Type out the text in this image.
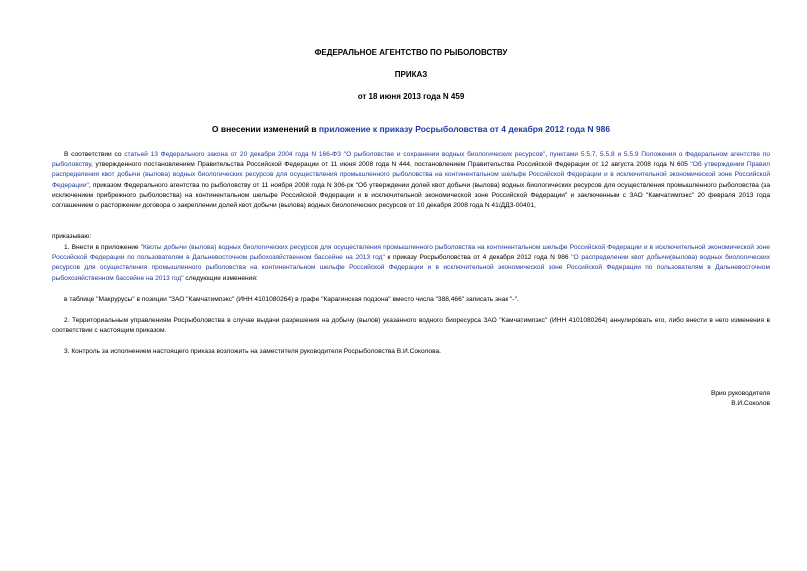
ФЕДЕРАЛЬНОЕ АГЕНТСТВО ПО РЫБОЛОВСТВУ
ПРИКАЗ
от 18 июня 2013 года N 459
О внесении изменений в приложение к приказу Росрыболовства от 4 декабря 2012 года N 986
В соответствии со статьей 13 Федерального закона от 20 декабря 2004 года N 166-ФЗ "О рыболовстве и сохранении водных биологических ресурсов", пунктами 5.5.7, 5.5.8 и 5.5.9 Положения о Федеральном агентстве по рыболовству, утвержденного постановлением Правительства Российской Федерации от 11 июня 2008 года N 444, постановлением Правительства Российской Федерации от 12 августа 2008 года N 605 "Об утверждении Правил распределения квот добычи (вылова) водных биологических ресурсов для осуществления промышленного рыболовства на континентальном шельфе Российской Федерации и в исключительной экономической зоне Российской Федерации", приказом Федерального агентства по рыболовству от 11 ноября 2008 года N 306-рк "Об утверждении долей квот добычи (вылова) водных биологических ресурсов для осуществления промышленного рыболовства (за исключением прибрежного рыболовства) на континентальном шельфе Российской Федерации и в исключительной экономической зоне Российской Федерации" и заключенным с ЗАО "Камчатимпэкс" 20 февраля 2013 года соглашением о расторжении договора о закреплении долей квот добычи (вылова) водных биологических ресурсов от 10 декабря 2008 года N 41/ДДЗ-00401,
приказываю:
1. Внести в приложение "Квоты добычи (вылова) водных биологических ресурсов для осуществления промышленного рыболовства на континентальном шельфе Российской Федерации и в исключительной экономической зоне Российской Федерации по пользователям в Дальневосточном рыбохозяйственном бассейне на 2013 год" к приказу Росрыболовства от 4 декабря 2012 года N 986 "О распределении квот добычи(вылова) водных биологических ресурсов для осуществления промышленного рыболовства на континентальном шельфе Российской Федерации и в исключительной экономической зоне Российской Федерации по пользователям в Дальневосточном рыбохозяйственном бассейне на 2013 год" следующие изменения:
в таблице "Макрурусы" в позиции "ЗАО "Камчатимпэкс" (ИНН 4101080264) в графе "Карагинская подзона" вместо числа "388,466" записать знак "-".
2. Территориальным управлениям Росрыболовства в случае выдачи разрешения на добычу (вылов) указанного водного биоресурса ЗАО "Камчатимпэкс" (ИНН 4101080264) аннулировать его, либо внести в него изменения в соответствии с настоящим приказом.
3. Контроль за исполнением настоящего приказа возложить на заместителя руководителя Росрыболовства В.И.Соколова.
Врио руководителя
В.И.Соколов
